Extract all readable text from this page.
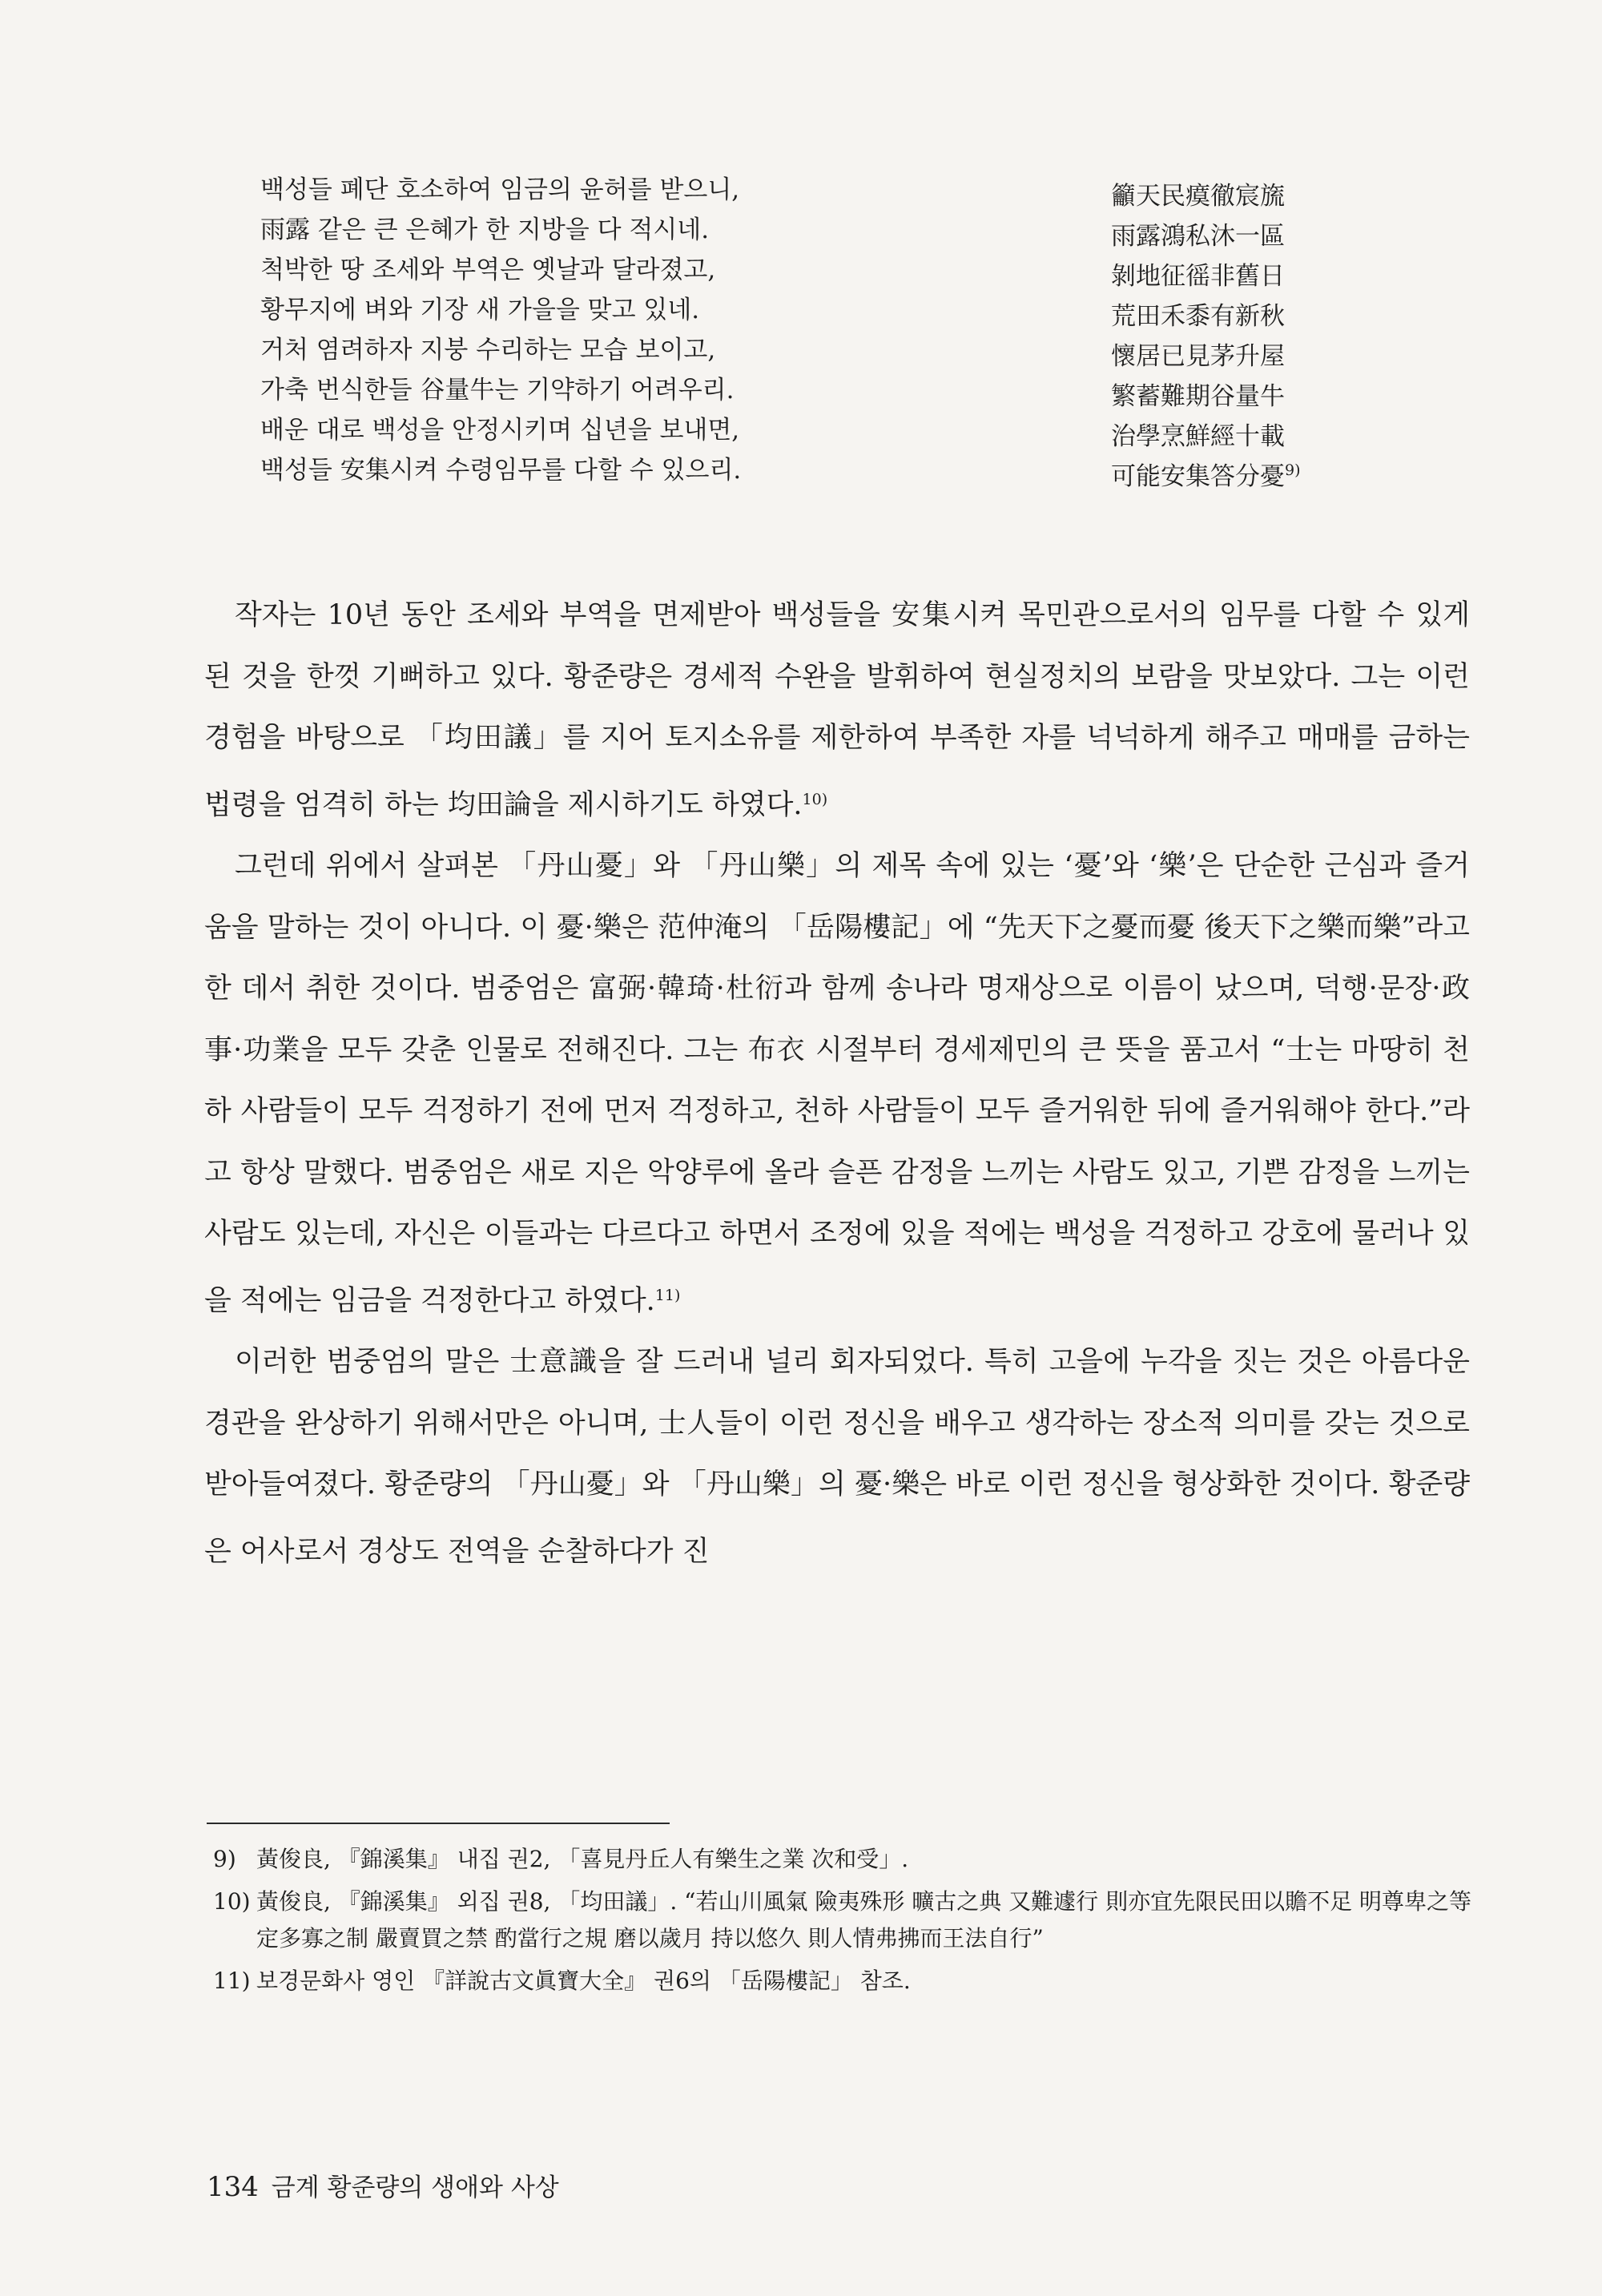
백성들 폐단 호소하여 임금의 윤허를 받으니,	籲天民瘼徹宸旒
雨露 같은 큰 은혜가 한 지방을 다 적시네.	雨露鴻私沐一區
척박한 땅 조세와 부역은 옛날과 달라졌고,	剝地征徭非舊日
황무지에 벼와 기장 새 가을을 맞고 있네.	荒田禾黍有新秋
거처 염려하자 지붕 수리하는 모습 보이고,	懷居已見茅升屋
가축 번식한들 谷量牛는 기약하기 어려우리.	繁蓄難期谷量牛
배운 대로 백성을 안정시키며 십년을 보내면,	治學烹鮮經十載
백성들 安集시켜 수령임무를 다할 수 있으리.	可能安集答分憂$^{9)}$

작자는 10년 동안 조세와 부역을 면제받아 백성들을 安集시켜 목민관으로서의 임무를 다할 수 있게 된 것을 한껏 기뻐하고 있다. 황준량은 경세적 수완을 발휘하여 현실정치의 보람을 맛보았다. 그는 이런 경험을 바탕으로 「均田議」를 지어 토지소유를 제한하여 부족한 자를 넉넉하게 해주고 매매를 금하는 법령을 엄격히 하는 均田論을 제시하기도 하였다.$^{10)}$

그런데 위에서 살펴본 「丹山憂」와 「丹山樂」의 제목 속에 있는 ‘憂’와 ‘樂’은 단순한 근심과 즐거움을 말하는 것이 아니다. 이 憂·樂은 范仲淹의 「岳陽樓記」에 “先天下之憂而憂 後天下之樂而樂”라고 한 데서 취한 것이다. 범중엄은 富弼·韓琦·杜衍과 함께 송나라 명재상으로 이름이 났으며, 덕행·문장·政事·功業을 모두 갖춘 인물로 전해진다. 그는 布衣 시절부터 경세제민의 큰 뜻을 품고서 “士는 마땅히 천하 사람들이 모두 걱정하기 전에 먼저 걱정하고, 천하 사람들이 모두 즐거워한 뒤에 즐거워해야 한다.”라고 항상 말했다. 범중엄은 새로 지은 악양루에 올라 슬픈 감정을 느끼는 사람도 있고, 기쁜 감정을 느끼는 사람도 있는데, 자신은 이들과는 다르다고 하면서 조정에 있을 적에는 백성을 걱정하고 강호에 물러나 있을 적에는 임금을 걱정한다고 하였다.$^{11)}$

이러한 범중엄의 말은 士意識을 잘 드러내 널리 회자되었다. 특히 고을에 누각을 짓는 것은 아름다운 경관을 완상하기 위해서만은 아니며, 士人들이 이런 정신을 배우고 생각하는 장소적 의미를 갖는 것으로 받아들여졌다. 황준량의 「丹山憂」와 「丹山樂」의 憂·樂은 바로 이런 정신을 형상화한 것이다. 황준량은 어사로서 경상도 전역을 순찰하다가 진

9) 黃俊良, 『錦溪集』 내집 권2, 「喜見丹丘人有樂生之業 次和受」.
10) 黃俊良, 『錦溪集』 외집 권8, 「均田議」. “若山川風氣 險夷殊形 曠古之典 又難遽行 則亦宜先限民田以贍不足 明尊卑之等 定多寡之制 嚴賣買之禁 酌當行之規 磨以歲月 持以悠久 則人情弗拂而王法自行”
11) 보경문화사 영인 『詳說古文眞寶大全』 권6의 「岳陽樓記」 참조.
134 금계 황준량의 생애와 사상
